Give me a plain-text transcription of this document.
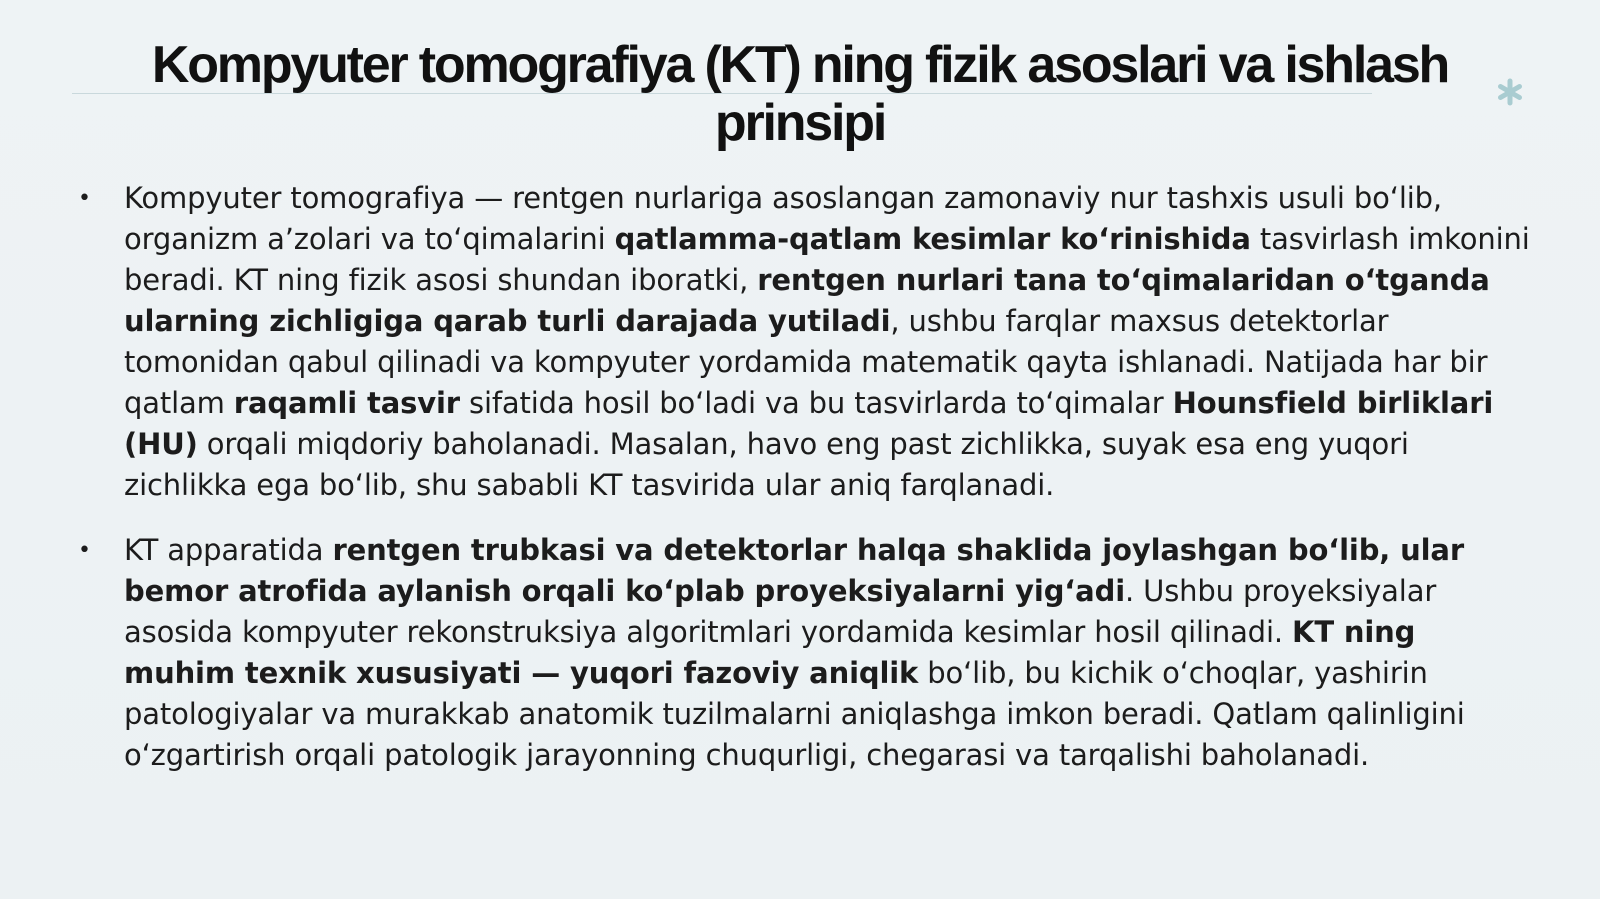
Kompyuter tomografiya (KT) ning fizik asoslari va ishlash
prinsipi
• Kompyuter tomografiya — rentgen nurlariga asoslangan zamonaviy nur tashxis usuli bo‘lib, organizm a’zolari va to‘qimalarini qatlamma-qatlam kesimlar ko‘rinishida tasvirlash imkonini beradi. KT ning fizik asosi shundan iboratki, rentgen nurlari tana to‘qimalaridan o‘tganda ularning zichligiga qarab turli darajada yutiladi, ushbu farqlar maxsus detektorlar tomonidan qabul qilinadi va kompyuter yordamida matematik qayta ishlanadi. Natijada har bir qatlam raqamli tasvir sifatida hosil bo‘ladi va bu tasvirlarda to‘qimalar Hounsfield birliklari (HU) orqali miqdoriy baholanadi. Masalan, havo eng past zichlikka, suyak esa eng yuqori zichlikka ega bo‘lib, shu sababli KT tasvirida ular aniq farqlanadi.
• KT apparatida rentgen trubkasi va detektorlar halqa shaklida joylashgan bo‘lib, ular bemor atrofida aylanish orqali ko‘plab proyeksiyalarni yig‘adi. Ushbu proyeksiyalar asosida kompyuter rekonstruksiya algoritmlari yordamida kesimlar hosil qilinadi. KT ning muhim texnik xususiyati — yuqori fazoviy aniqlik bo‘lib, bu kichik o‘choqlar, yashirin patologiyalar va murakkab anatomik tuzilmalarni aniqlashga imkon beradi. Qatlam qalinligini o‘zgartirish orqali patologik jarayonning chuqurligi, chegarasi va tarqalishi baholanadi.
